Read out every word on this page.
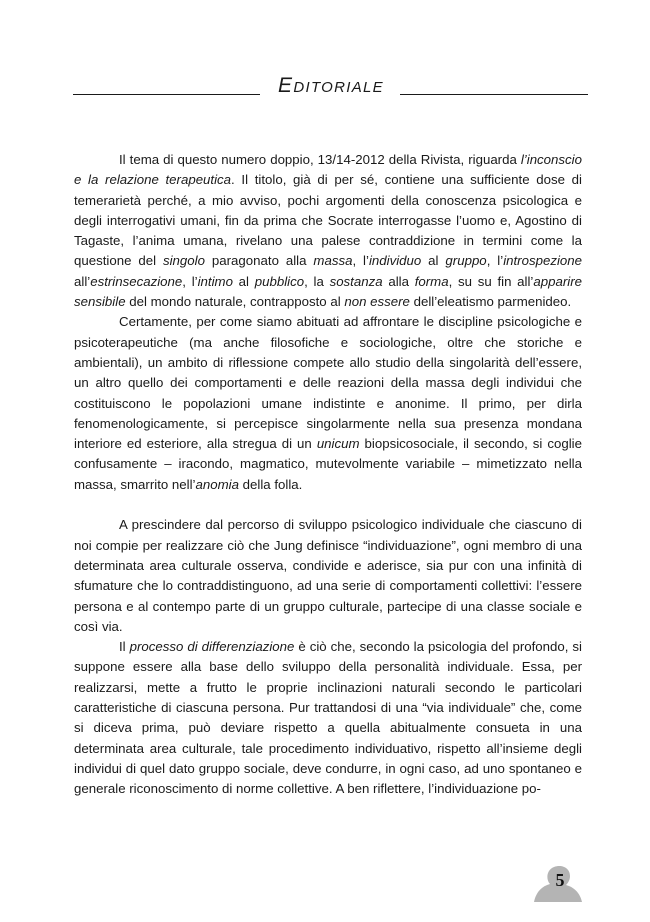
Editoriale

Il tema di questo numero doppio, 13/14-2012 della Rivista, riguarda l’inconscio e la relazione terapeutica. Il titolo, già di per sé, contiene una sufficiente dose di temerarietà perché, a mio avviso, pochi argomenti della conoscenza psicologica e degli interrogativi umani, fin da prima che Socrate interrogasse l’uomo e, Agostino di Tagaste, l’anima umana, rivelano una palese contraddizione in termini come la questione del singolo paragonato alla massa, l’individuo al gruppo, l’introspezione all’estrinsecazione, l’intimo al pubblico, la sostanza alla forma, su su fin all’apparire sensibile del mondo naturale, contrapposto al non essere dell’eleatismo parmenideo.

Certamente, per come siamo abituati ad affrontare le discipline psicologiche e psicoterapeutiche (ma anche filosofiche e sociologiche, oltre che storiche e ambientali), un ambito di riflessione compete allo studio della singolarità dell’essere, un altro quello dei comportamenti e delle reazioni della massa degli individui che costituiscono le popolazioni umane indistinte e anonime. Il primo, per dirla fenomenologicamente, si percepisce singolarmente nella sua presenza mondana interiore ed esteriore, alla stregua di un unicum biopsicosociale, il secondo, si coglie confusamente – iracondo, magmatico, mutevolmente variabile – mimetizzato nella massa, smarrito nell’anomia della folla.

A prescindere dal percorso di sviluppo psicologico individuale che ciascuno di noi compie per realizzare ciò che Jung definisce “individuazione”, ogni membro di una determinata area culturale osserva, condivide e aderisce, sia pur con una infinità di sfumature che lo contraddistinguono, ad una serie di comportamenti collettivi: l’essere persona e al contempo parte di un gruppo culturale, partecipe di una classe sociale e così via.

Il processo di differenziazione è ciò che, secondo la psicologia del profondo, si suppone essere alla base dello sviluppo della personalità individuale. Essa, per realizzarsi, mette a frutto le proprie inclinazioni naturali secondo le particolari caratteristiche di ciascuna persona. Pur trattandosi di una “via individuale” che, come si diceva prima, può deviare rispetto a quella abitualmente consueta in una determinata area culturale, tale procedimento individuativo, rispetto all’insieme degli individui di quel dato gruppo sociale, deve condurre, in ogni caso, ad uno spontaneo e generale riconoscimento di norme collettive. A ben riflettere, l’individuazione po-

5
